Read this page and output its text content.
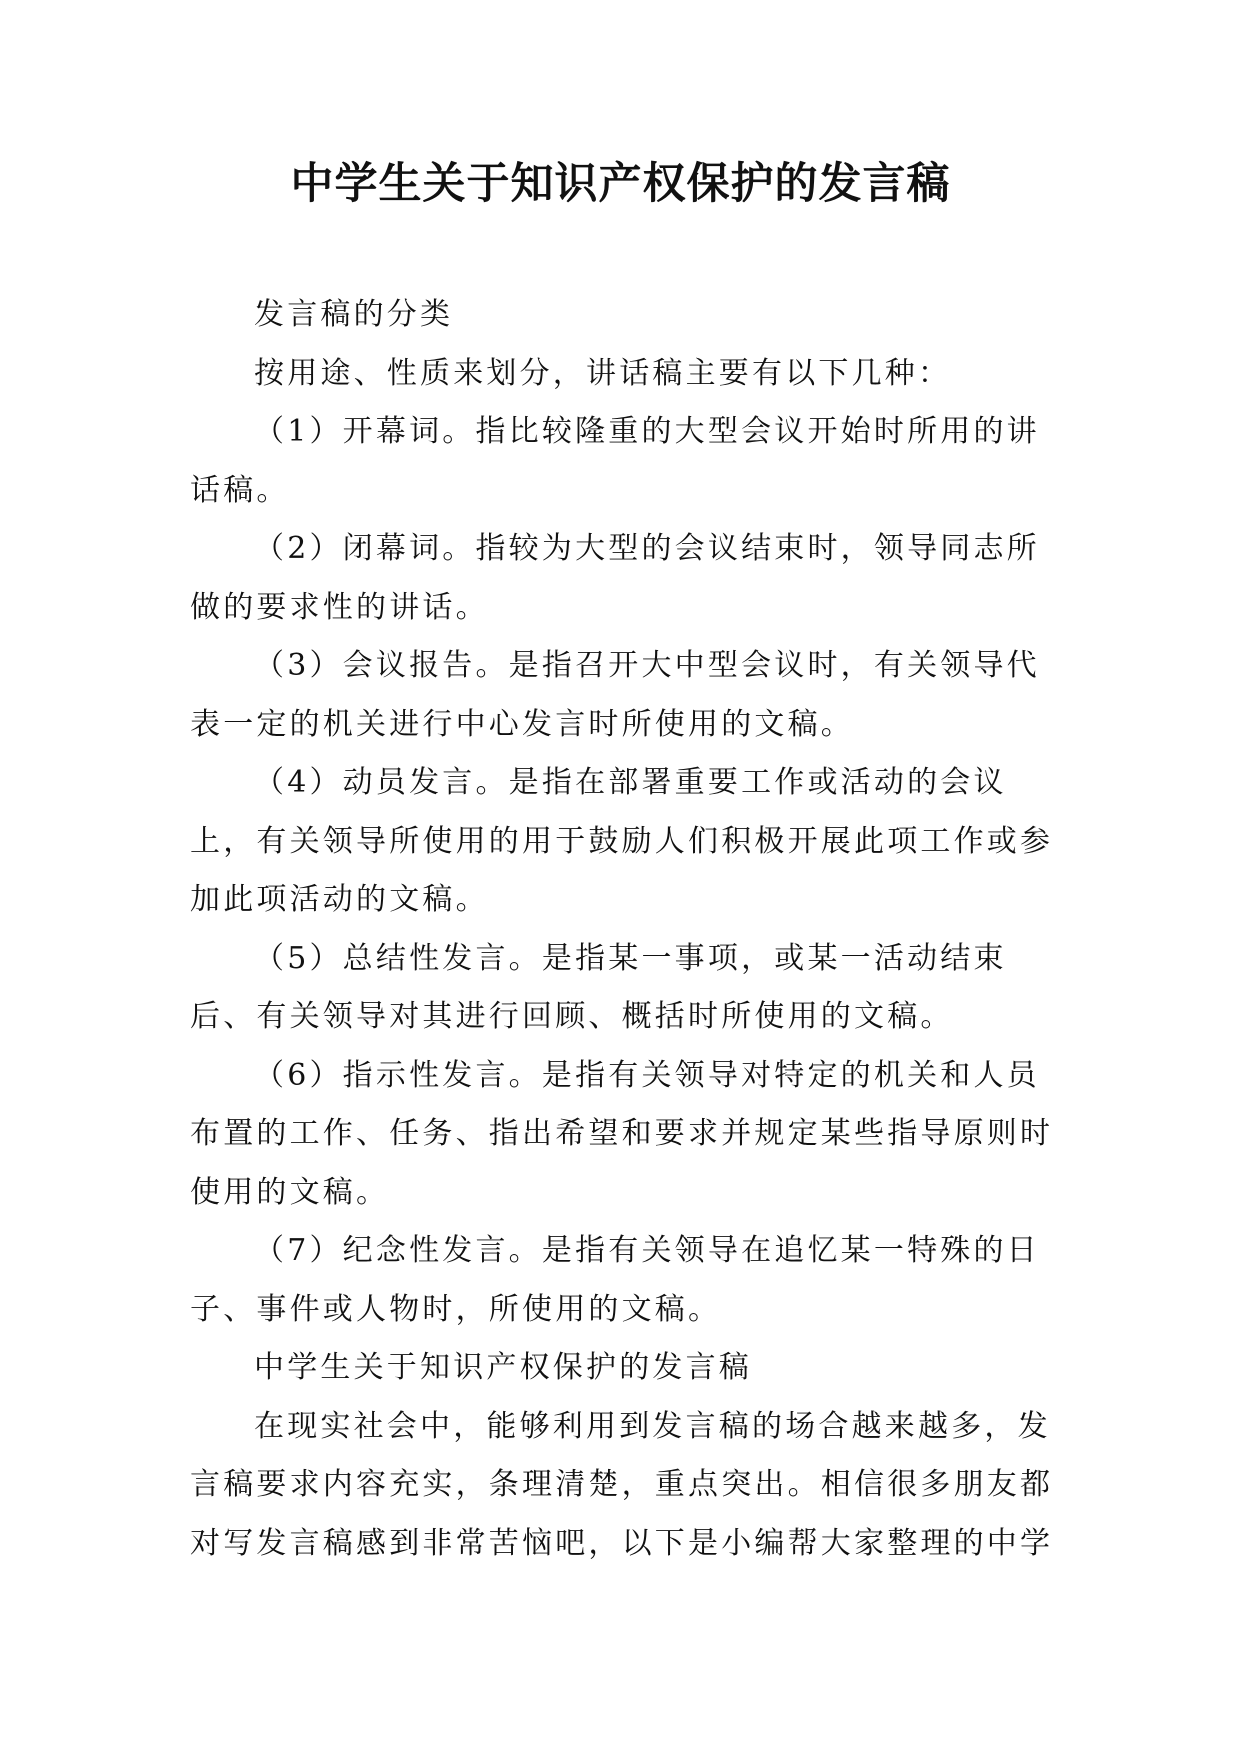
中学生关于知识产权保护的发言稿

发言稿的分类

按用途、性质来划分，讲话稿主要有以下几种：

（1）开幕词。指比较隆重的大型会议开始时所用的讲话稿。

（2）闭幕词。指较为大型的会议结束时，领导同志所做的要求性的讲话。

（3）会议报告。是指召开大中型会议时，有关领导代表一定的机关进行中心发言时所使用的文稿。

（4）动员发言。是指在部署重要工作或活动的会议上，有关领导所使用的用于鼓励人们积极开展此项工作或参加此项活动的文稿。

（5）总结性发言。是指某一事项，或某一活动结束后、有关领导对其进行回顾、概括时所使用的文稿。

（6）指示性发言。是指有关领导对特定的机关和人员布置的工作、任务、指出希望和要求并规定某些指导原则时使用的文稿。

（7）纪念性发言。是指有关领导在追忆某一特殊的日子、事件或人物时，所使用的文稿。

中学生关于知识产权保护的发言稿

在现实社会中，能够利用到发言稿的场合越来越多，发言稿要求内容充实，条理清楚，重点突出。相信很多朋友都对写发言稿感到非常苦恼吧，以下是小编帮大家整理的中学
